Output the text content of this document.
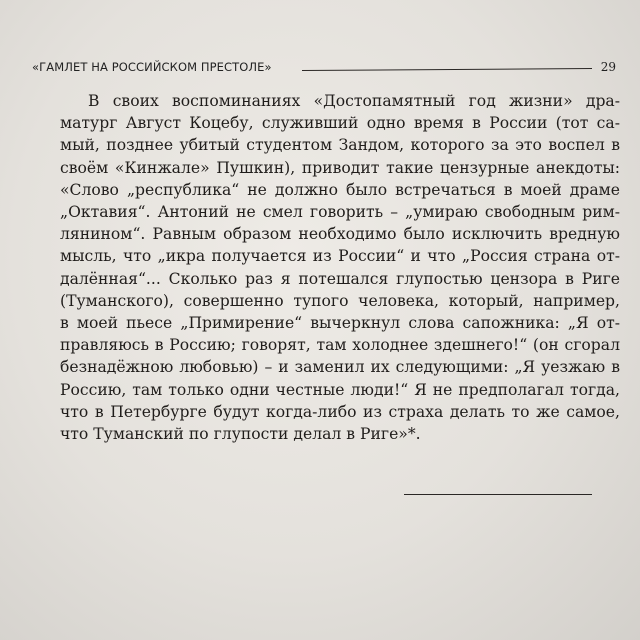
«ГАМЛЕТ НА РОССИЙСКОМ ПРЕСТОЛЕ»	29
В своих воспоминаниях «Достопамятный год жизни» дра-
матург Август Коцебу, служивший одно время в России (тот са-
мый, позднее убитый студентом Зандом, которого за это воспел в
своём «Кинжале» Пушкин), приводит такие цензурные анекдоты:
«Слово „республика“ не должно было встречаться в моей драме
„Октавия“. Антоний не смел говорить – „умираю свободным рим-
лянином“. Равным образом необходимо было исключить вредную
мысль, что „икра получается из России“ и что „Россия страна от-
далённая“... Сколько раз я потешался глупостью цензора в Риге
(Туманского), совершенно тупого человека, который, например,
в моей пьесе „Примирение“ вычеркнул слова сапожника: „Я от-
правляюсь в Россию; говорят, там холоднее здешнего!“ (он сгорал
безнадёжною любовью) – и заменил их следующими: „Я уезжаю в
Россию, там только одни честные люди!“ Я не предполагал тогда,
что в Петербурге будут когда-либо из страха делать то же самое,
что Туманский по глупости делал в Риге»*.
